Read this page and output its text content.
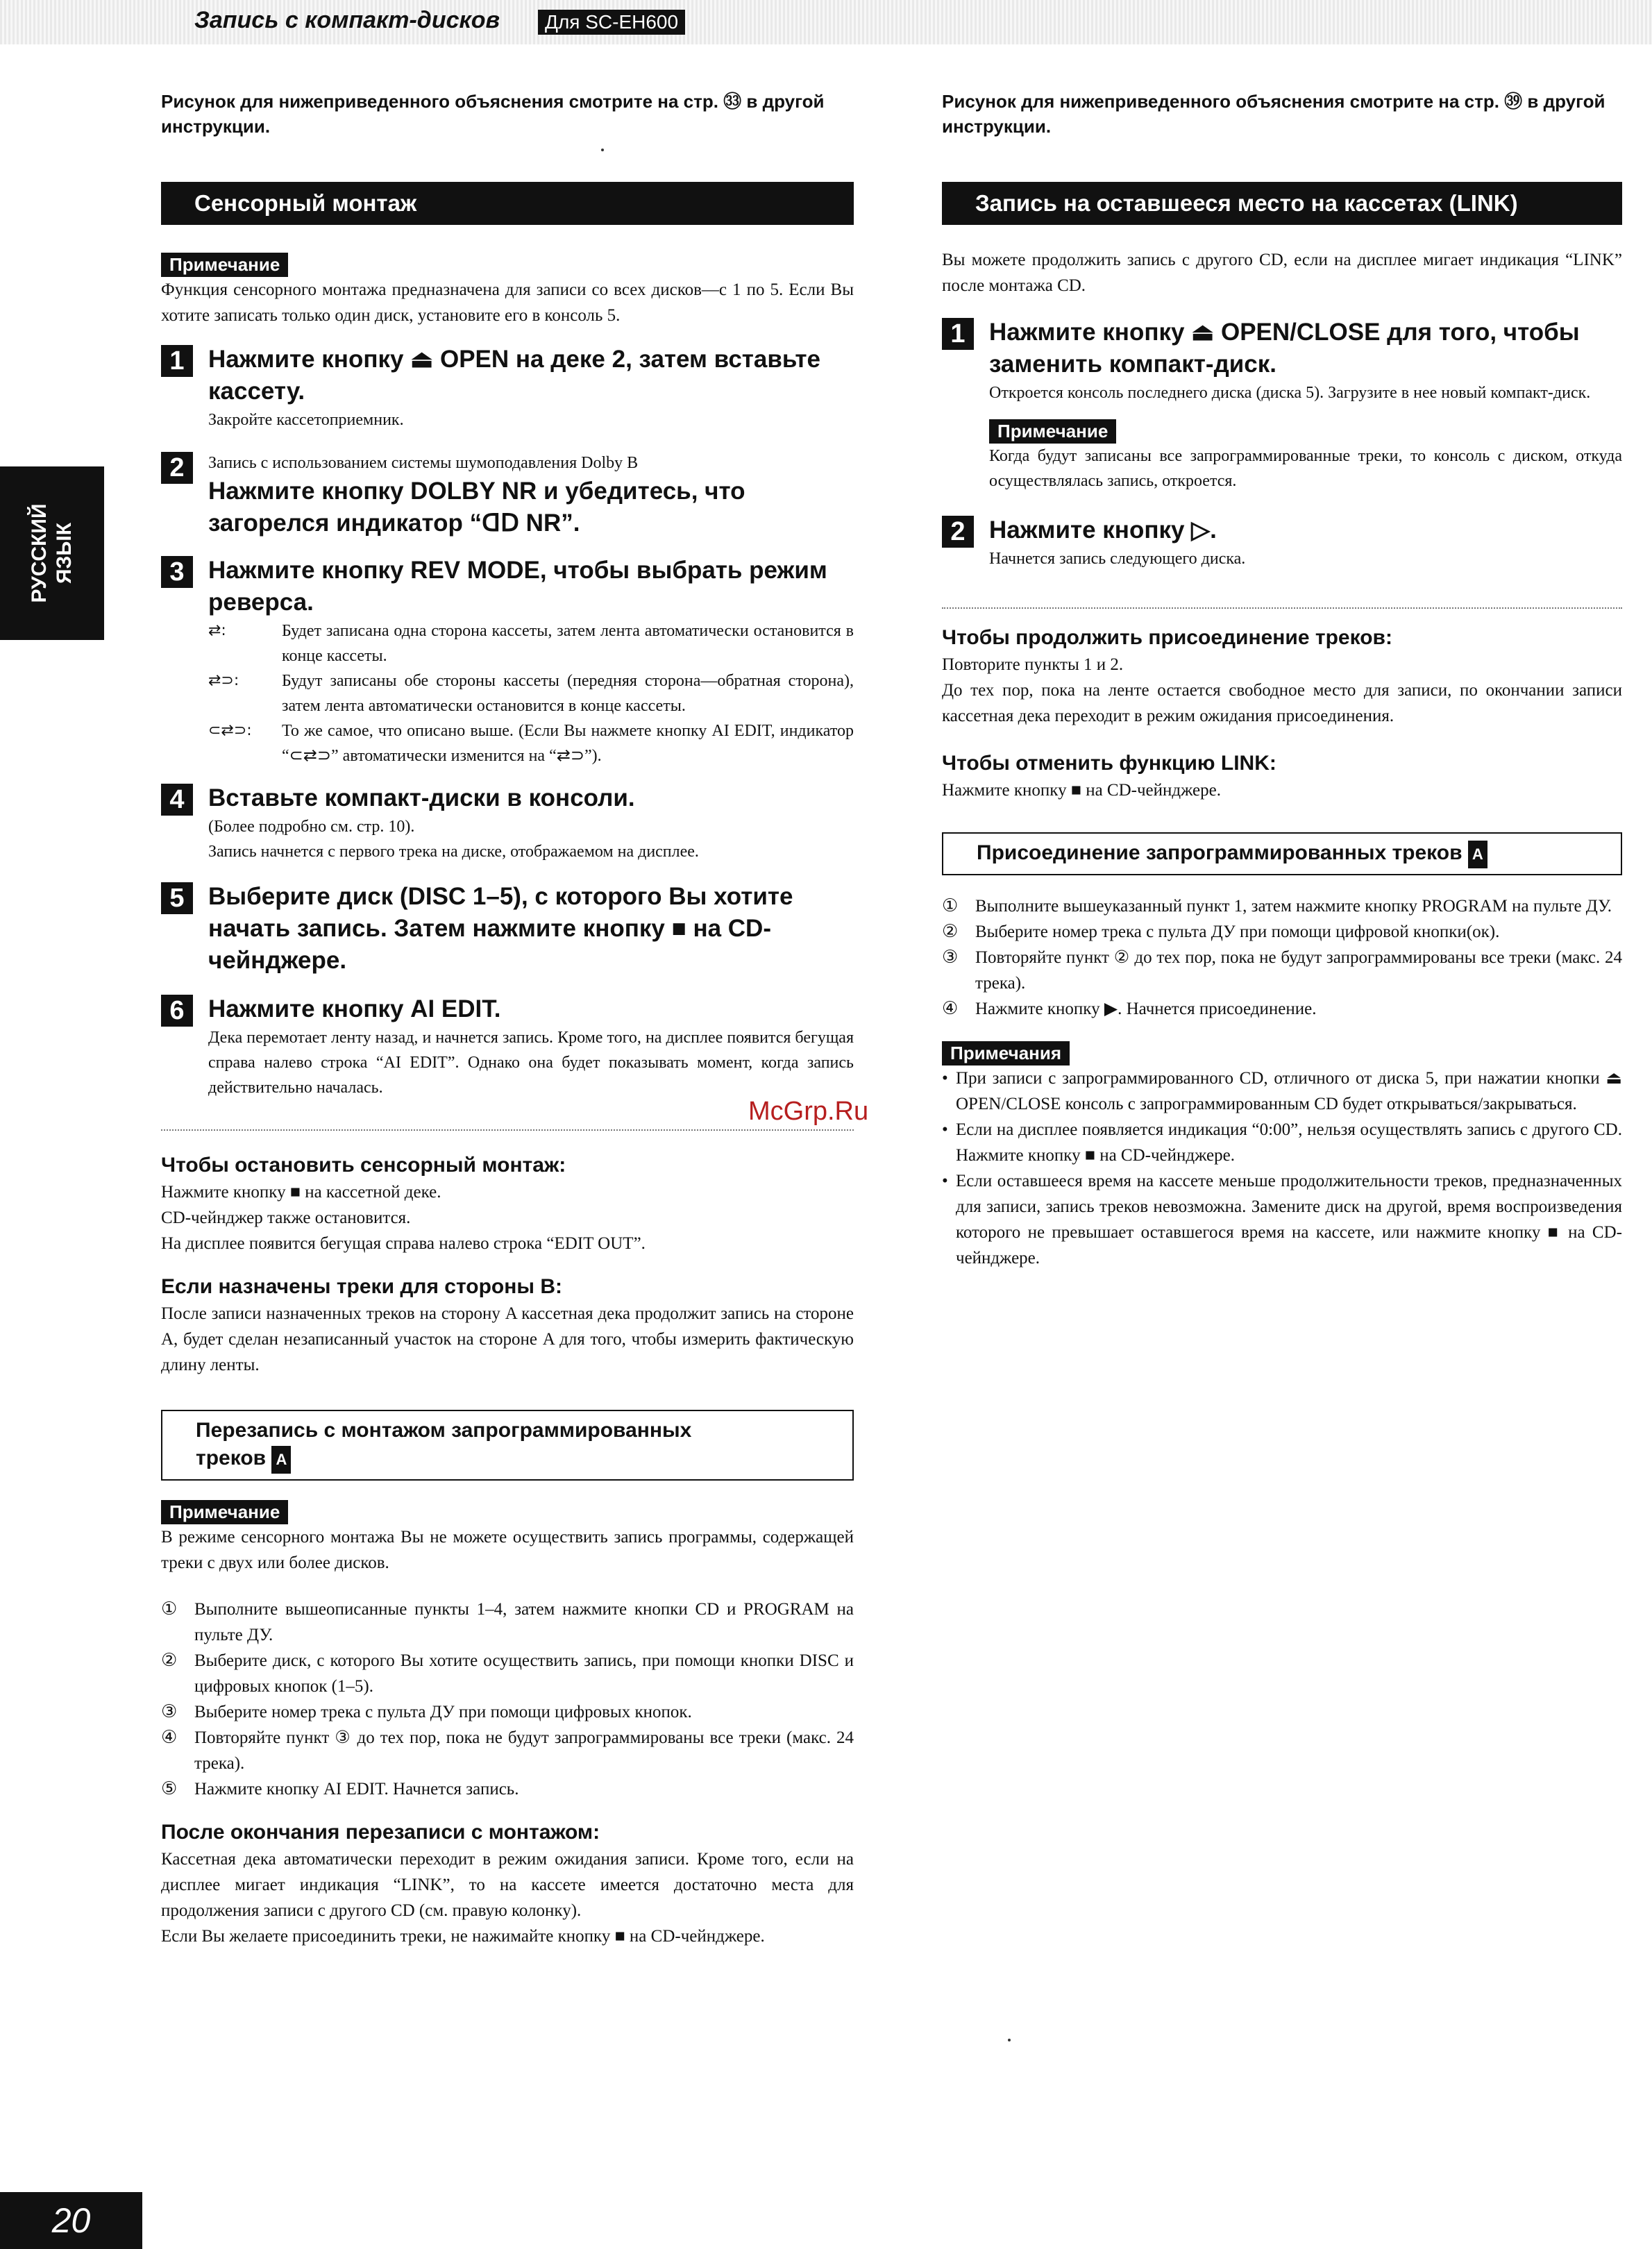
Запись с компакт-дисков	Для SC-EH600
РУССКИЙ ЯЗЫК

Рисунок для нижеприведенного объяснения смотрите на стр. ㉝ в другой инструкции.

Сенсорный монтаж
Примечание

Функция сенсорного монтажа предназначена для записи со всех дисков—с 1 по 5. Если Вы хотите записать только один диск, установите его в консоль 5.

1 Нажмите кнопку ⏏ OPEN на деке 2, затем вставьте кассету.
Закройте кассетоприемник.
2	Запись с использованием системы шумоподавления Dolby B
Нажмите кнопку DOLBY NR и убедитесь, что загорелся индикатор “ᗡᗞ NR”.
3 Нажмите кнопку REV MODE, чтобы выбрать режим реверса.
⇄:	Будет записана одна сторона кассеты, затем лента автоматически остановится в конце кассеты.
⇄⊃:	Будут записаны обе стороны кассеты (передняя сторона—обратная сторона), затем лента автоматически остановится в конце кассеты.
⊂⇄⊃:	То же самое, что описано выше. (Если Вы нажмете кнопку AI EDIT, индикатор “⊂⇄⊃” автоматически изменится на “⇄⊃”).
4 Вставьте компакт-диски в консоли.
(Более подробно см. стр. 10).
Запись начнется с первого трека на диске, отображаемом на дисплее.
5 Выберите диск (DISC 1–5), с которого Вы хотите начать запись. Затем нажмите кнопку ■ на CD-чейнджере.
6 Нажмите кнопку AI EDIT.
Дека перемотает ленту назад, и начнется запись. Кроме того, на дисплее появится бегущая справа налево строка “AI EDIT”. Однако она будет показывать момент, когда запись действительно началась.

Чтобы остановить сенсорный монтаж:

Нажмите кнопку ■ на кассетной деке.

CD-чейнджер также остановится.

На дисплее появится бегущая справа налево строка “EDIT OUT”.

Если назначены треки для стороны B:

После записи назначенных треков на сторону A кассетная дека продолжит запись на стороне A, будет сделан незаписанный участок на стороне A для того, чтобы измерить фактическую длину ленты.

Перезапись с монтажом запрограммированных
треков A
Примечание

В режиме сенсорного монтажа Вы не можете осуществить запись программы, содержащей треки с двух или более дисков.

① Выполните вышеописанные пункты 1–4, затем нажмите кнопки CD и PROGRAM на пульте ДУ.
② Выберите диск, с которого Вы хотите осуществить запись, при помощи кнопки DISC и цифровых кнопок (1–5).
③ Выберите номер трека с пульта ДУ при помощи цифровых кнопок.
④ Повторяйте пункт ③ до тех пор, пока не будут запрограммированы все треки (макс. 24 трека).
⑤ Нажмите кнопку AI EDIT. Начнется запись.

После окончания перезаписи с монтажом:

Кассетная дека автоматически переходит в режим ожидания записи. Кроме того, если на дисплее мигает индикация “LINK”, то на кассете имеется достаточно места для продолжения записи с другого CD (см. правую колонку).

Если Вы желаете присоединить треки, не нажимайте кнопку ■ на CD-чейнджере.

Рисунок для нижеприведенного объяснения смотрите на стр. ㊴ в другой инструкции.

Запись на оставшееся место на кассетах (LINK)

Вы можете продолжить запись с другого CD, если на дисплее мигает индикация “LINK” после монтажа CD.

1 Нажмите кнопку ⏏ OPEN/CLOSE для того, чтобы заменить компакт-диск.
Откроется консоль последнего диска (диска 5). Загрузите в нее новый компакт-диск.
Примечание
Когда будут записаны все запрограммированные треки, то консоль с диском, откуда осуществлялась запись, откроется.
2 Нажмите кнопку ▷.
Начнется запись следующего диска.

Чтобы продолжить присоединение треков:

Повторите пункты 1 и 2.

До тех пор, пока на ленте остается свободное место для записи, по окончании записи кассетная дека переходит в режим ожидания присоединения.

Чтобы отменить функцию LINK:

Нажмите кнопку ■ на CD-чейнджере.

Присоединение запрограммированных треков A
① Выполните вышеуказанный пункт 1, затем нажмите кнопку PROGRAM на пульте ДУ.
② Выберите номер трека с пульта ДУ при помощи цифровой кнопки(ок).
③ Повторяйте пункт ② до тех пор, пока не будут запрограммированы все треки (макс. 24 трека).
④ Нажмите кнопку ▶. Начнется присоединение.
Примечания
• При записи с запрограммированного CD, отличного от диска 5, при нажатии кнопки ⏏ OPEN/CLOSE консоль с запрограммированным CD будет открываться/закрываться.
• Если на дисплее появляется индикация “0:00”, нельзя осуществлять запись с другого CD. Нажмите кнопку ■ на CD-чейнджере.
• Если оставшееся время на кассете меньше продолжительности треков, предназначенных для записи, запись треков невозможна. Замените диск на другой, время воспроизведения которого не превышает оставшегося время на кассете, или нажмите кнопку ■ на CD-чейнджере.
McGrp.Ru
20
